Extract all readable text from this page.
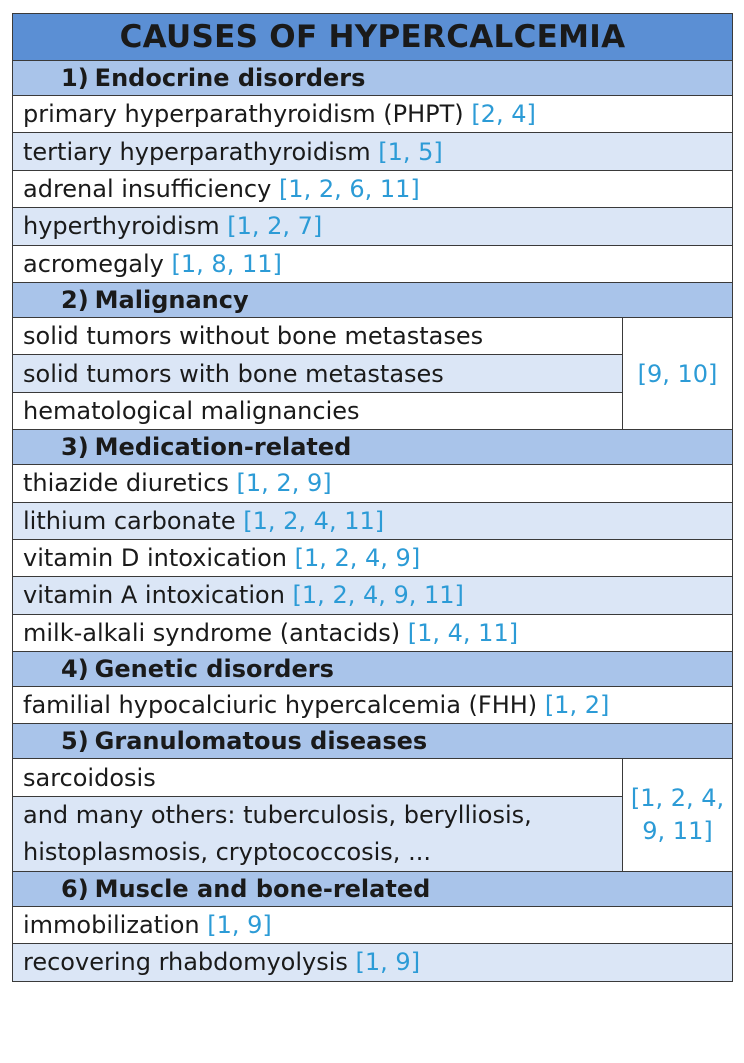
CAUSES OF HYPERCALCEMIA	
1) Endocrine disorders	
primary hyperparathyroidism (PHPT) [2, 4]	
tertiary hyperparathyroidism [1, 5]	
adrenal insufficiency [1, 2, 6, 11]	
hyperthyroidism [1, 2, 7]	
acromegaly [1, 8, 11]	
2) Malignancy	
solid tumors without bone metastases	[9, 10]
solid tumors with bone metastases	
hematological malignancies	
3) Medication-related	
thiazide diuretics [1, 2, 9]	
lithium carbonate [1, 2, 4, 11]	
vitamin D intoxication [1, 2, 4, 9]	
vitamin A intoxication [1, 2, 4, 9, 11]	
milk-alkali syndrome (antacids) [1, 4, 11]	
4) Genetic disorders	
familial hypocalciuric hypercalcemia (FHH) [1, 2]	
5) Granulomatous diseases	
sarcoidosis	[1, 2, 4, 9, 11]
and many others: tuberculosis, berylliosis, histoplasmosis, cryptococcosis, ...	
6) Muscle and bone-related	
immobilization [1, 9]	
recovering rhabdomyolysis [1, 9]	
